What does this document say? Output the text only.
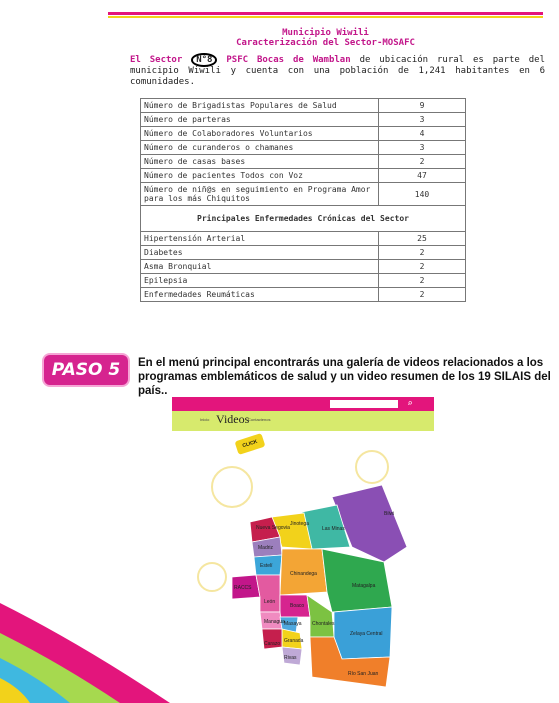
Municipio Wiwili
Caracterización del Sector-MOSAFC
El Sector N°8 PSFC Bocas de Wamblan de ubicación rural es parte del municipio Wiwili y cuenta con una población de 1,241 habitantes en 6 comunidades.
Número de Brigadistas Populares de Salud	9
Número de parteras	3
Número de Colaboradores Voluntarios	4
Número de curanderos o chamanes	3
Número de casas bases	2
Número de pacientes Todos con Voz	47
Número de niñ@s en seguimiento en Programa Amor para los más Chiquitos	140
Principales Enfermedades Crónicas del Sector	
Hipertensión Arterial	25
Diabetes	2
Asma Bronquial	2
Epilepsia	2
Enfermedades Reumáticas	2
PASO 5	En el menú principal encontrarás una galería de videos relacionados a los programas emblemáticos de salud y un video resumen de los 19 SILAIS del país..
⌕
Inicio Videos
Contactenos
CLICK
Bilwi
Jinotega
Las Minas
Nueva Segovia
Madriz
Estelí
Chinandega
Matagalpa
RACCS
León
Boaco
Managua Masaya Chontales
Zelaya Central
Granada
Carazo
Rivas
Río San Juan
